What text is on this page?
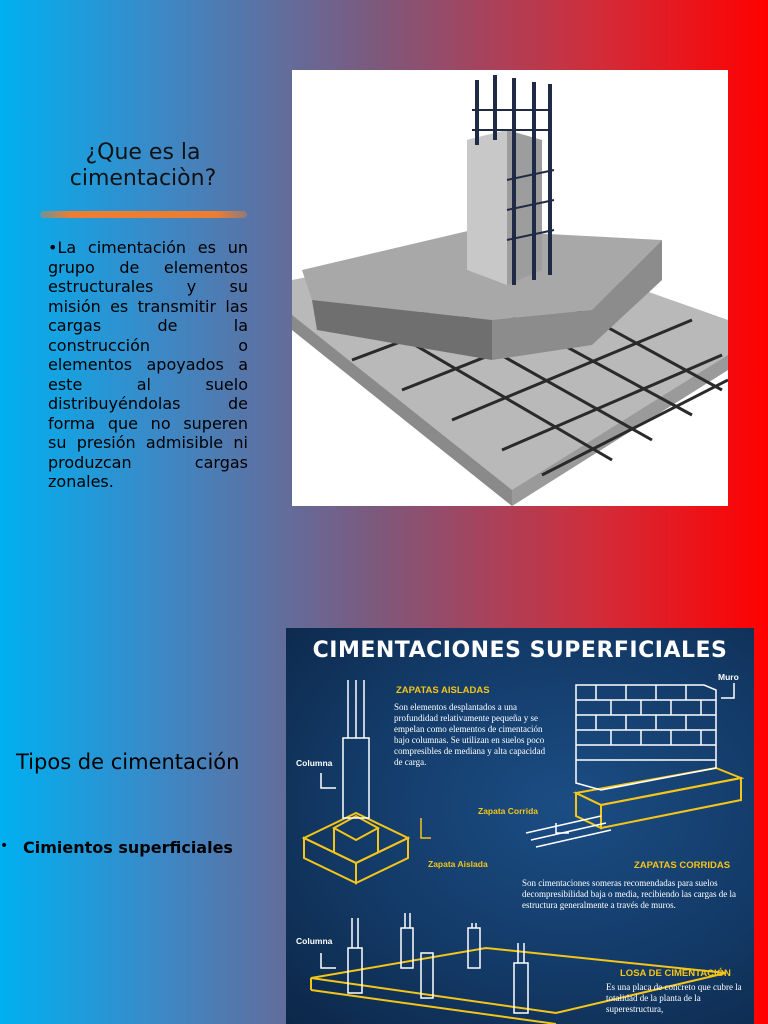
¿Que es la cimentaciòn?
•La cimentación es un grupo de elementos estructurales y su misión es transmitir las cargas de la construcción o elementos apoyados a este al suelo distribuyéndolas de forma que no superen su presión admisible ni produzcan cargas zonales.
Tipos de cimentación
• Cimientos superficiales
CIMENTACIONES SUPERFICIALES
ZAPATAS AISLADAS
Son elementos desplantados a una profundidad relativamente pequeña y se empelan como elementos de cimentación bajo columnas. Se utilizan en suelos poco compresibles de mediana y alta capacidad de carga.
Columna
Muro
Zapata Corrida
Zapata Aislada	ZAPATAS CORRIDAS
Son cimentaciones someras recomendadas para suelos decompresibilidad baja o media, recibiendo las cargas de la estructura generalmente a través de muros.
Columna
LOSA DE CIMENTACIÓN
Es una placa de concreto que cubre la totalidad de la planta de la superestructura,
